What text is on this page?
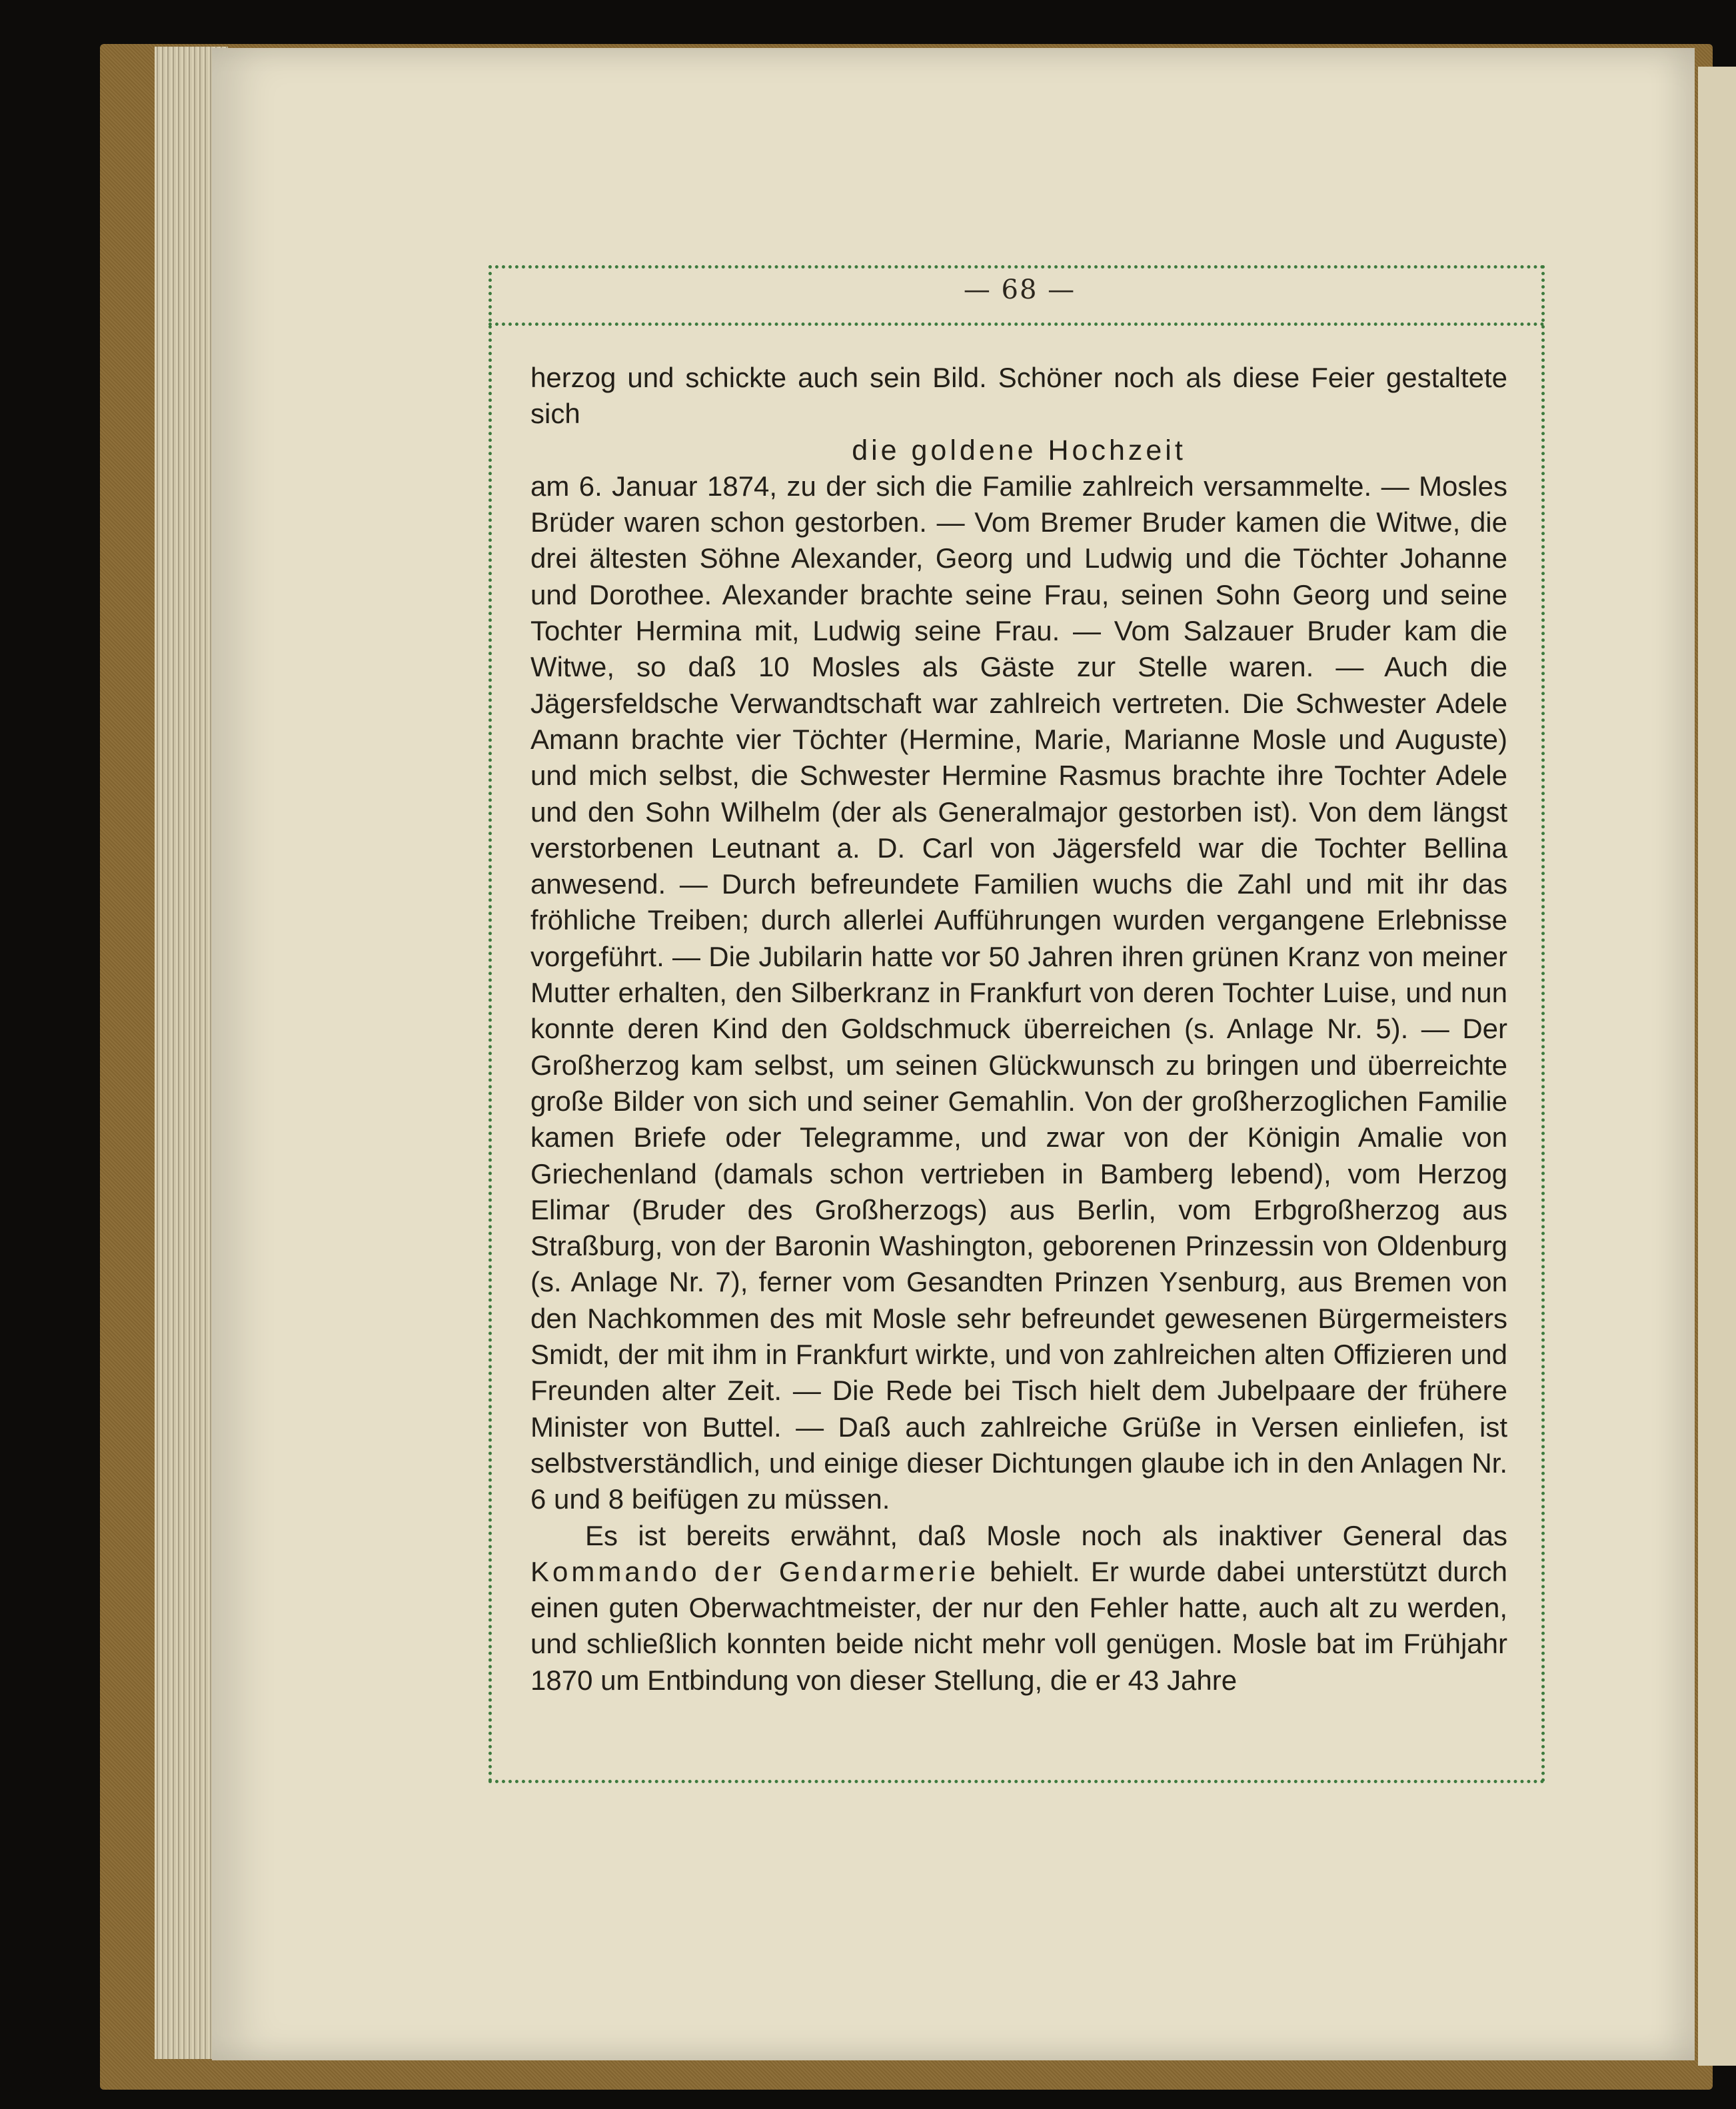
— 68 —

herzog und schickte auch sein Bild. Schöner noch als diese Feier gestaltete sich

die goldene Hochzeit

am 6. Januar 1874, zu der sich die Familie zahlreich versammelte. — Mosles Brüder waren schon gestorben. — Vom Bremer Bruder kamen die Witwe, die drei ältesten Söhne Alexander, Georg und Ludwig und die Töchter Johanne und Dorothee. Alexander brachte seine Frau, seinen Sohn Georg und seine Tochter Hermina mit, Ludwig seine Frau. — Vom Salzauer Bruder kam die Witwe, so daß 10 Mosles als Gäste zur Stelle waren. — Auch die Jägersfeldsche Verwandtschaft war zahlreich vertreten. Die Schwester Adele Amann brachte vier Töchter (Hermine, Marie, Marianne Mosle und Auguste) und mich selbst, die Schwester Hermine Rasmus brachte ihre Tochter Adele und den Sohn Wilhelm (der als Generalmajor gestorben ist). Von dem längst verstorbenen Leutnant a. D. Carl von Jägersfeld war die Tochter Bellina anwesend. — Durch befreundete Familien wuchs die Zahl und mit ihr das fröhliche Treiben; durch allerlei Aufführungen wurden vergangene Erlebnisse vorgeführt. — Die Jubilarin hatte vor 50 Jahren ihren grünen Kranz von meiner Mutter erhalten, den Silberkranz in Frankfurt von deren Tochter Luise, und nun konnte deren Kind den Goldschmuck überreichen (s. Anlage Nr. 5). — Der Großherzog kam selbst, um seinen Glückwunsch zu bringen und überreichte große Bilder von sich und seiner Gemahlin. Von der großherzoglichen Familie kamen Briefe oder Telegramme, und zwar von der Königin Amalie von Griechenland (damals schon vertrieben in Bamberg lebend), vom Herzog Elimar (Bruder des Großherzogs) aus Berlin, vom Erbgroßherzog aus Straßburg, von der Baronin Washington, geborenen Prinzessin von Oldenburg (s. Anlage Nr. 7), ferner vom Gesandten Prinzen Ysenburg, aus Bremen von den Nachkommen des mit Mosle sehr befreundet gewesenen Bürgermeisters Smidt, der mit ihm in Frankfurt wirkte, und von zahlreichen alten Offizieren und Freunden alter Zeit. — Die Rede bei Tisch hielt dem Jubelpaare der frühere Minister von Buttel. — Daß auch zahlreiche Grüße in Versen einliefen, ist selbstverständlich, und einige dieser Dichtungen glaube ich in den Anlagen Nr. 6 und 8 beifügen zu müssen.

Es ist bereits erwähnt, daß Mosle noch als inaktiver General das Kommando der Gendarmerie behielt. Er wurde dabei unterstützt durch einen guten Oberwachtmeister, der nur den Fehler hatte, auch alt zu werden, und schließlich konnten beide nicht mehr voll genügen. Mosle bat im Frühjahr 1870 um Entbindung von dieser Stellung, die er 43 Jahre
